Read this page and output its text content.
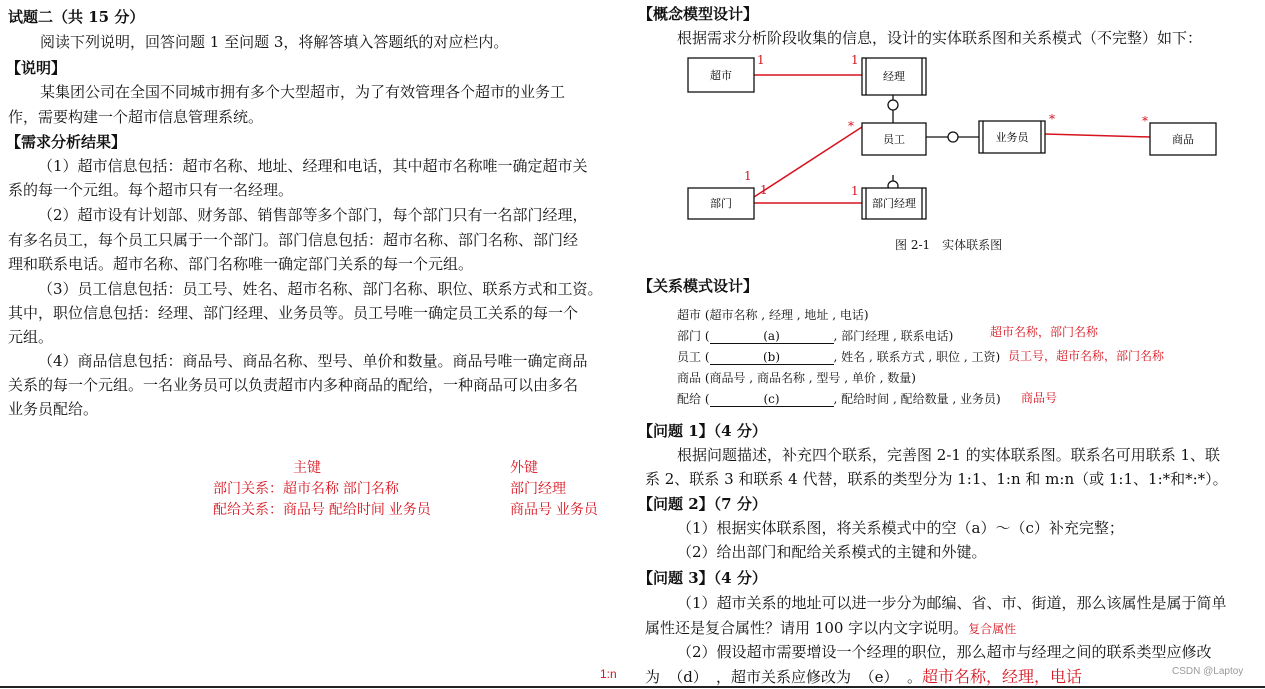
试题二（共 15 分）
阅读下列说明，回答问题 1 至问题 3，将解答填入答题纸的对应栏内。
【说明】
某集团公司在全国不同城市拥有多个大型超市，为了有效管理各个超市的业务工
作，需要构建一个超市信息管理系统。
【需求分析结果】
（1）超市信息包括：超市名称、地址、经理和电话，其中超市名称唯一确定超市关
系的每一个元组。每个超市只有一名经理。
（2）超市设有计划部、财务部、销售部等多个部门，每个部门只有一名部门经理，
有多名员工，每个员工只属于一个部门。部门信息包括：超市名称、部门名称、部门经
理和联系电话。超市名称、部门名称唯一确定部门关系的每一个元组。
（3）员工信息包括：员工号、姓名、超市名称、部门名称、职位、联系方式和工资。
其中，职位信息包括：经理、部门经理、业务员等。员工号唯一确定员工关系的每一个
元组。
（4）商品信息包括：商品号、商品名称、型号、单价和数量。商品号唯一确定商品
关系的每一个元组。一名业务员可以负责超市内多种商品的配给，一种商品可以由多名
业务员配给。
主键	外键
部门关系：超市名称 部门名称	部门经理
配给关系：商品号 配给时间 业务员	商品号 业务员
1:n
【概念模型设计】
根据需求分析阶段收集的信息，设计的实体联系图和关系模式（不完整）如下：
超市	经理
员工	业务员	商品
部门	部门经理
1	1
*	*	*
1
1	1
图 2-1　实体联系图
【关系模式设计】
超市 (超市名称 , 经理 , 地址 , 电话)
部门 (	(a)	, 部门经理 , 联系电话)	超市名称，部门名称
员工 (	(b)	, 姓名 , 联系方式 , 职位 , 工资) 员工号，超市名称，部门名称
商品 (商品号 , 商品名称 , 型号 , 单价 , 数量)
配给 (	(c)	, 配给时间 , 配给数量 , 业务员) 商品号
【问题 1】（4 分）
根据问题描述，补充四个联系，完善图 2-1 的实体联系图。联系名可用联系 1、联
系 2、联系 3 和联系 4 代替，联系的类型分为 1:1、1:n 和 m:n（或 1:1、1:*和*:*）。
【问题 2】（7 分）
（1）根据实体联系图，将关系模式中的空（a）～（c）补充完整；
（2）给出部门和配给关系模式的主键和外键。
【问题 3】（4 分）
（1）超市关系的地址可以进一步分为邮编、省、市、街道，那么该属性是属于简单
属性还是复合属性？请用 100 字以内文字说明。复合属性
（2）假设超市需要增设一个经理的职位，那么超市与经理之间的联系类型应修改
为 （d） ，超市关系应修改为 （e） 。超市名称，经理，电话	CSDN @Laptoy
